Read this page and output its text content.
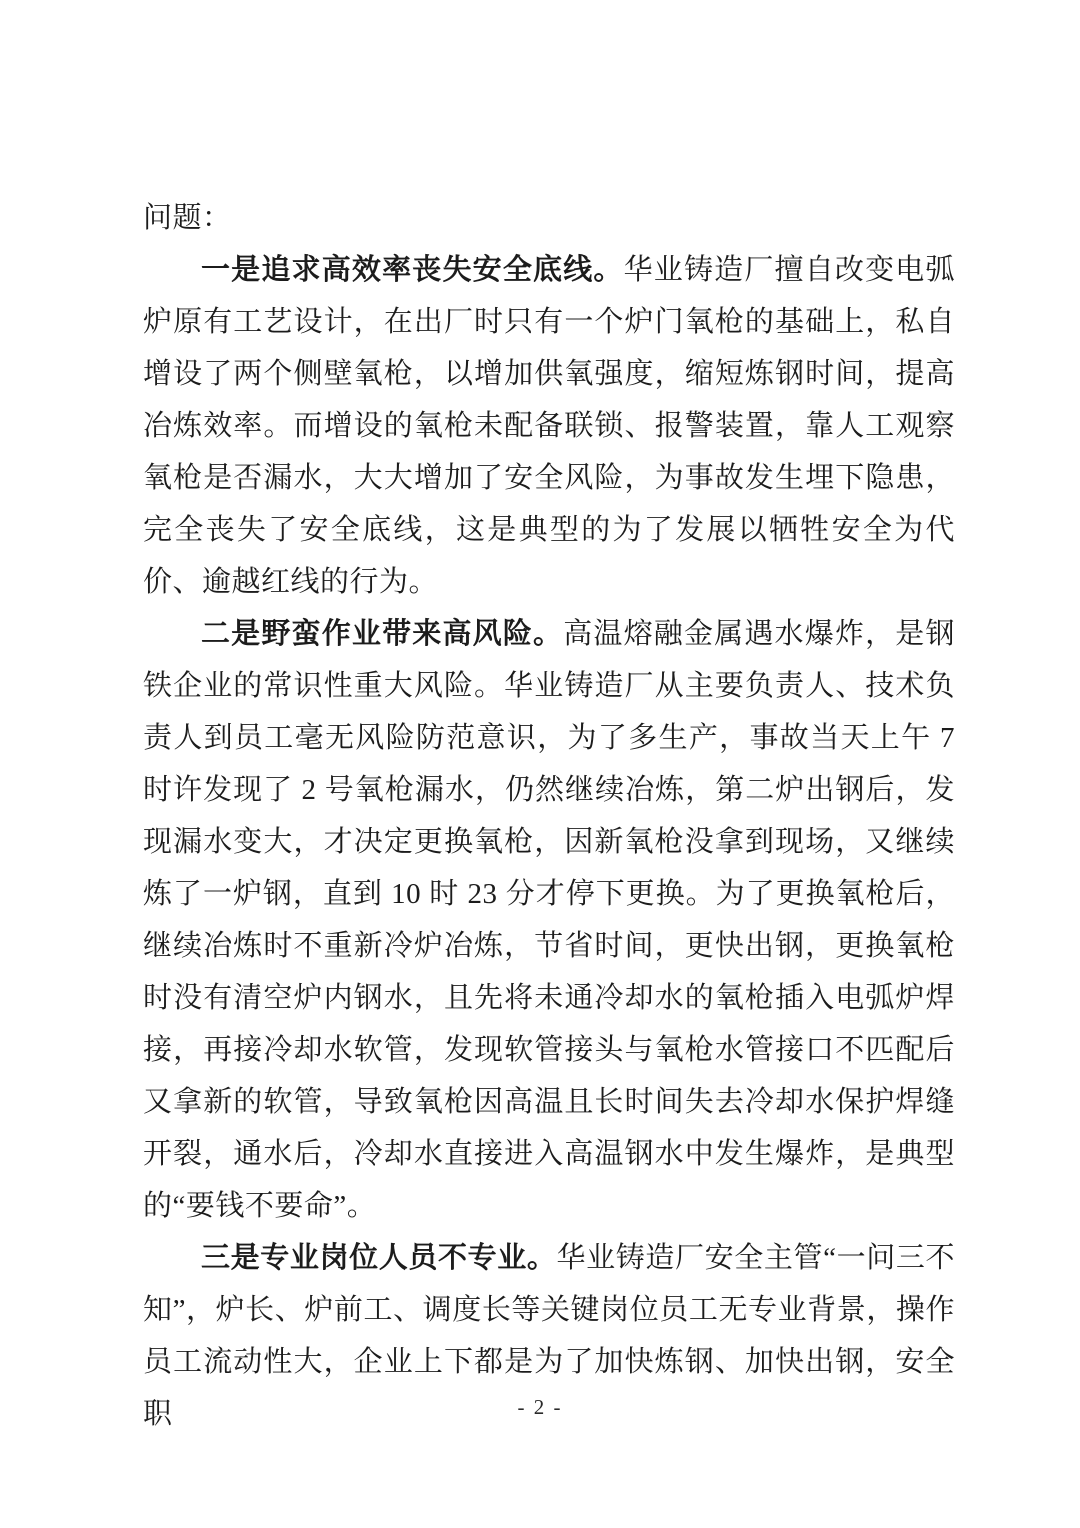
问题：

一是追求高效率丧失安全底线。华业铸造厂擅自改变电弧炉原有工艺设计，在出厂时只有一个炉门氧枪的基础上，私自增设了两个侧壁氧枪，以增加供氧强度，缩短炼钢时间，提高冶炼效率。而增设的氧枪未配备联锁、报警装置，靠人工观察氧枪是否漏水，大大增加了安全风险，为事故发生埋下隐患，完全丧失了安全底线，这是典型的为了发展以牺牲安全为代价、逾越红线的行为。

二是野蛮作业带来高风险。高温熔融金属遇水爆炸，是钢铁企业的常识性重大风险。华业铸造厂从主要负责人、技术负责人到员工毫无风险防范意识，为了多生产，事故当天上午 7 时许发现了 2 号氧枪漏水，仍然继续冶炼，第二炉出钢后，发现漏水变大，才决定更换氧枪，因新氧枪没拿到现场，又继续炼了一炉钢，直到 10 时 23 分才停下更换。为了更换氧枪后，继续冶炼时不重新冷炉冶炼，节省时间，更快出钢，更换氧枪时没有清空炉内钢水，且先将未通冷却水的氧枪插入电弧炉焊接，再接冷却水软管，发现软管接头与氧枪水管接口不匹配后又拿新的软管，导致氧枪因高温且长时间失去冷却水保护焊缝开裂，通水后，冷却水直接进入高温钢水中发生爆炸，是典型的“要钱不要命”。

三是专业岗位人员不专业。华业铸造厂安全主管“一问三不知”，炉长、炉前工、调度长等关键岗位员工无专业背景，操作员工流动性大，企业上下都是为了加快炼钢、加快出钢，安全职	- 2 -
